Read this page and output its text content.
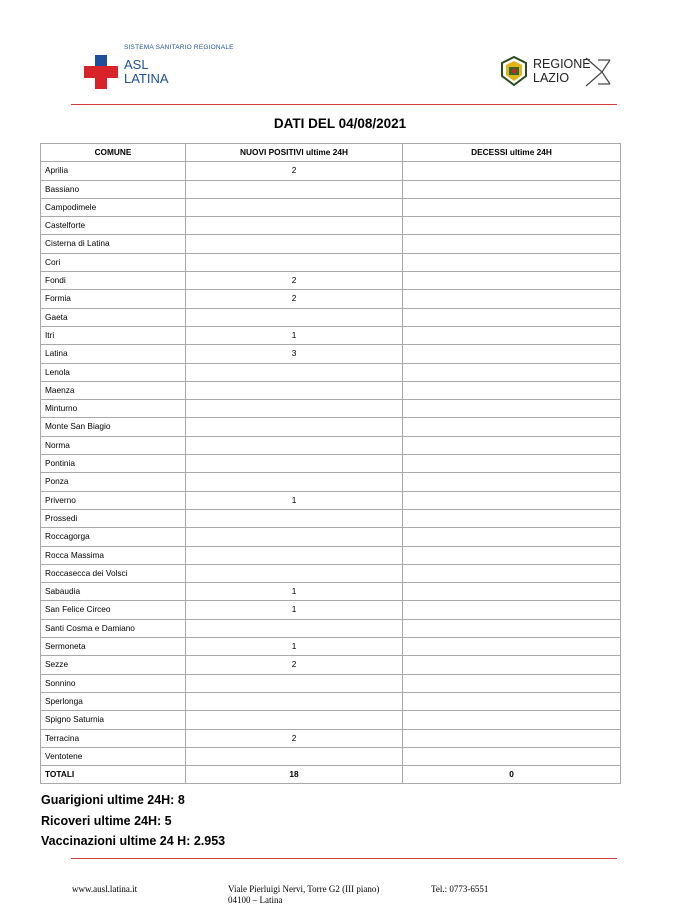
SISTEMA SANITARIO REGIONALE
ASL
LATINA
REGIONE
LAZIO
DATI DEL 04/08/2021
COMUNE	NUOVI POSITIVI ultime 24H	DECESSI ultime 24H
Aprilia	2	
Bassiano		
Campodimele		
Castelforte		
Cisterna di Latina		
Cori		
Fondi	2	
Formia	2	
Gaeta		
Itri	1	
Latina	3	
Lenola		
Maenza		
Minturno		
Monte San Biagio		
Norma		
Pontinia		
Ponza		
Priverno	1	
Prossedi		
Roccagorga		
Rocca Massima		
Roccasecca dei Volsci		
Sabaudia	1	
San Felice Circeo	1	
Santi Cosma e Damiano		
Sermoneta	1	
Sezze	2	
Sonnino		
Sperlonga		
Spigno Saturnia		
Terracina	2	
Ventotene		
TOTALI	18	0
Guarigioni ultime 24H: 8
Ricoveri ultime 24H: 5
Vaccinazioni ultime 24 H: 2.953
www.ausl.latina.it	Viale Pierluigi Nervi, Torre G2 (III piano)
04100 – Latina
Tel.: 0773-6551
